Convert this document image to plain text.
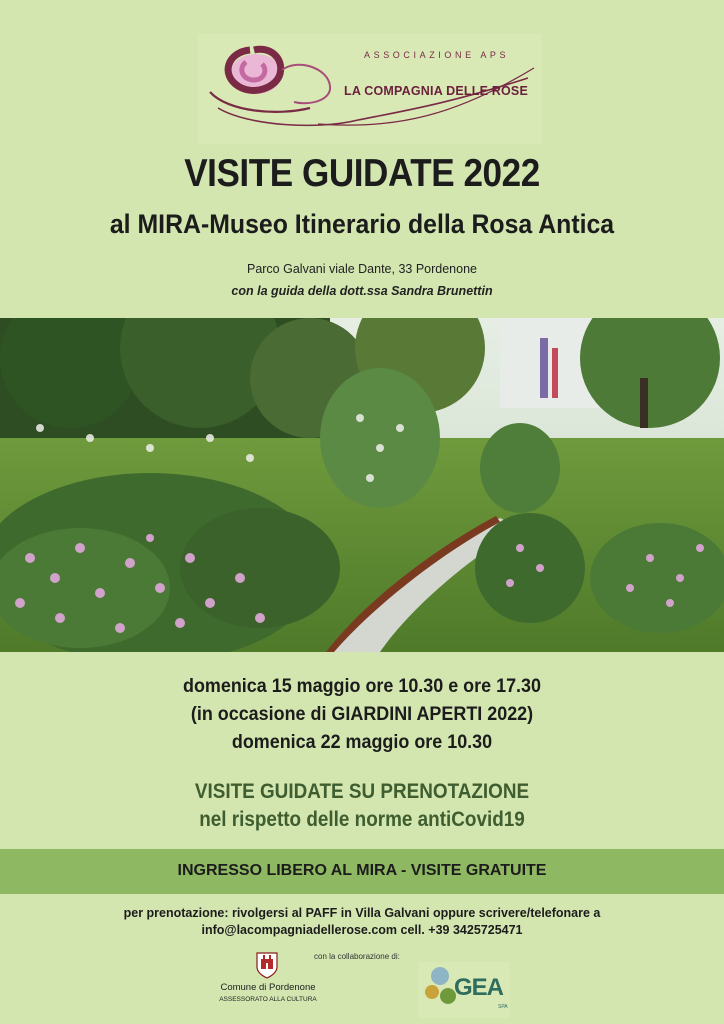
ASSOCIAZIONE APS
LA COMPAGNIA DELLE ROSE
VISITE GUIDATE 2022
al MIRA-Museo Itinerario della Rosa Antica
Parco Galvani viale Dante, 33 Pordenone
con la guida della dott.ssa Sandra Brunettin
domenica 15 maggio ore 10.30 e ore 17.30
(in occasione di GIARDINI APERTI 2022)
domenica 22 maggio ore 10.30
VISITE GUIDATE SU PRENOTAZIONE
nel rispetto delle norme antiCovid19
INGRESSO LIBERO AL MIRA - VISITE GRATUITE
per prenotazione: rivolgersi al PAFF in Villa Galvani oppure scrivere/telefonare a
info@lacompagniadellerose.com cell. +39 3425725471
Comune di Pordenone
ASSESSORATO ALLA CULTURA
con la collaborazione di:
GEA
SPA
